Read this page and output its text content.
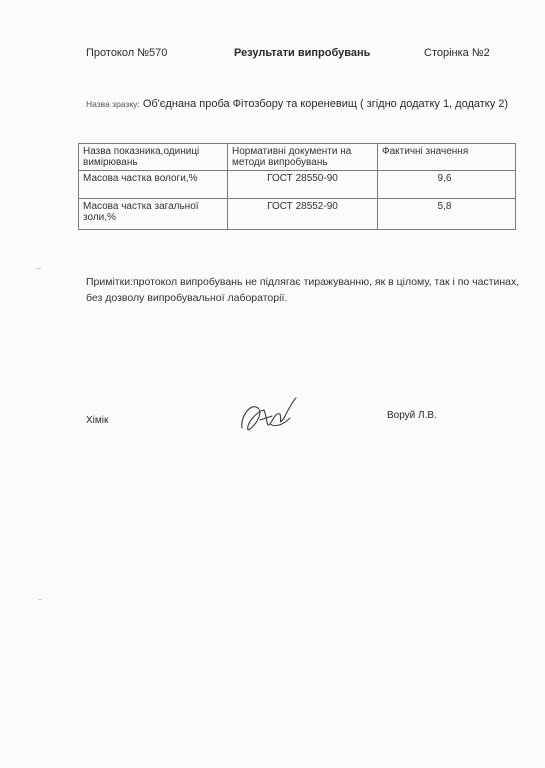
Протокол №570	Результати випробувань	Сторінка №2
Назва зразку: Об'єднана проба Фітозбору та кореневищ ( згідно додатку 1, додатку 2)
Назва показника,одиниці вимірювань	Нормативні документи на методи випробувань	Фактичні значення
Масова частка вологи,%	ГОСТ 28550-90	9,6
Масова частка загальної золи,%	ГОСТ 28552-90	5,8
Примітки:протокол випробувань не підлягає тиражуванню, як в цілому, так і по частинах, без дозволу випробувальної лабораторії.
Хімік	Воруй Л.В.
